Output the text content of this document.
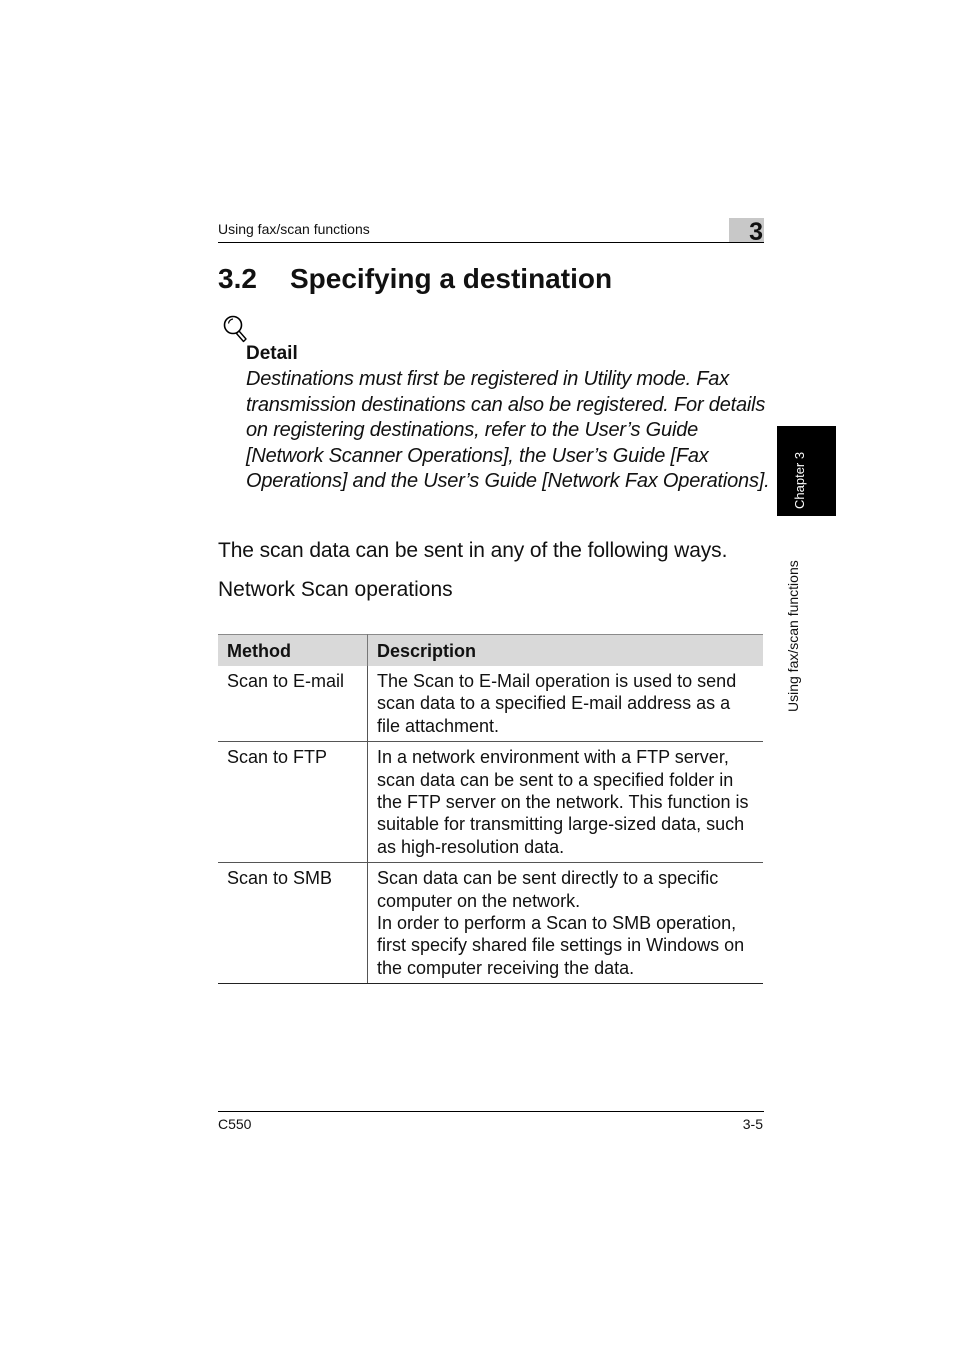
Using fax/scan functions	3
Chapter 3
Using fax/scan functions
3.2 Specifying a destination
Detail
Destinations must first be registered in Utility mode. Fax transmission destinations can also be registered. For details on registering destinations, refer to the User’s Guide [Network Scanner Operations], the User’s Guide [Fax Operations] and the User’s Guide [Network Fax Operations].
The scan data can be sent in any of the following ways.
Network Scan operations
Method	Description
Scan to E-mail	The Scan to E-Mail operation is used to send scan data to a specified E-mail address as a file attachment.

Scan to FTP	In a network environment with a FTP server, scan data can be sent to a specified folder in the FTP server on the network. This function is suitable for transmitting large-sized data, such as high-resolution data.

Scan to SMB	Scan data can be sent directly to a specific computer on the network.
In order to perform a Scan to SMB operation, first specify shared file settings in Windows on the computer receiving the data.
C550	3-5
